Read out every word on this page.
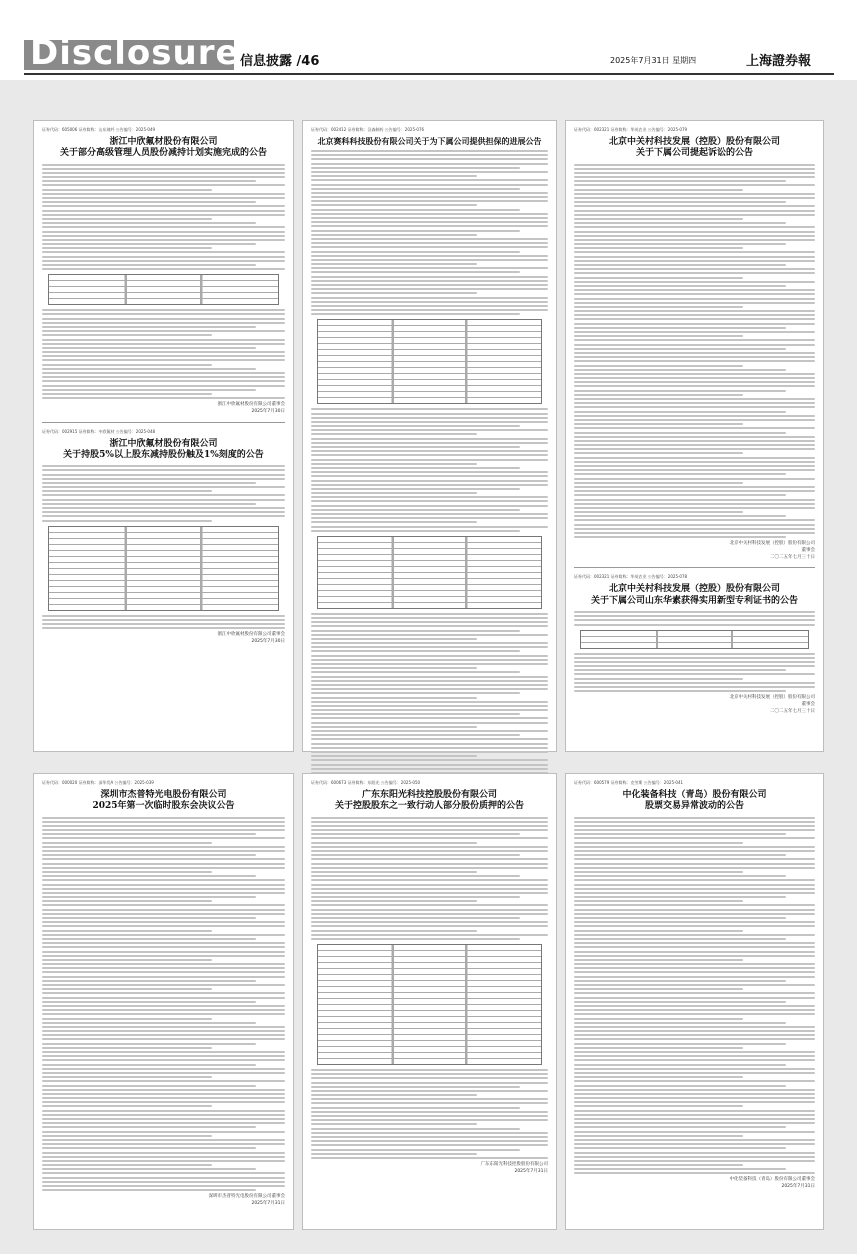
Disclosure 信息披露 /46	2025年7月31日 星期四	上海證券報
证券代码：605006 证券简称：山东玻纤 公告编号：2025-049
浙江中欣氟材股份有限公司
关于部分高级管理人员股份减持计划实施完成的公告
浙江中欣氟材股份有限公司董事会
2025年7月30日
证券代码：002915 证券简称：中欣氟材 公告编号：2025-048
浙江中欣氟材股份有限公司
关于持股5%以上股东减持股份触及1%刻度的公告
浙江中欣氟材股份有限公司董事会
2025年7月30日
证券代码：002412 证券简称：汉森制药 公告编号：2025-076
北京赛科科技股份有限公司关于为下属公司提供担保的进展公告

证券代码：002321 证券简称：华英农业 公告编号：2025-079
北京中关村科技发展（控股）股份有限公司
关于下属公司提起诉讼的公告
北京中关村科技发展（控股）股份有限公司
董事会
二〇二五年七月三十日
证券代码：002321 证券简称：华英农业 公告编号：2025-078
北京中关村科技发展（控股）股份有限公司
关于下属公司山东华素获得实用新型专利证书的公告
北京中关村科技发展（控股）股份有限公司
董事会
二〇二五年七月三十日
证券代码：000020 证券简称：深华发A 公告编号：2025-039
深圳市杰普特光电股份有限公司
2025年第一次临时股东会决议公告
深圳市杰普特光电股份有限公司董事会
2025年7月31日
证券代码：600673 证券简称：东阳光 公告编号：2025-050
广东东阳光科技控股股份有限公司
关于控股股东之一致行动人部分股份质押的公告
广东东阳光科技控股股份有限公司
2025年7月31日
证券代码：600579 证券简称：克劳斯 公告编号：2025-041
中化装备科技（青岛）股份有限公司
股票交易异常波动的公告
中化装备科技（青岛）股份有限公司董事会
2025年7月31日
